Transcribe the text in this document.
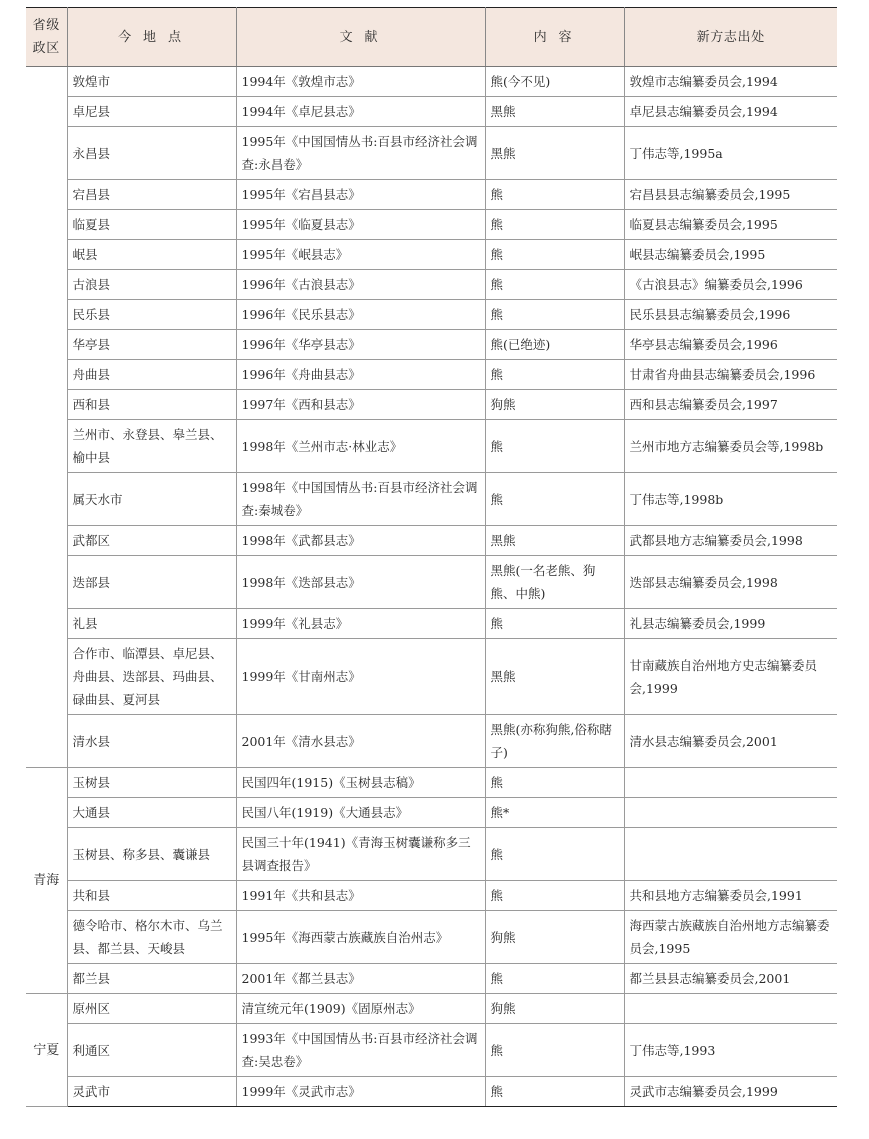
省级政区	今 地 点	文 献	内 容	新方志出处
	敦煌市	1994年《敦煌市志》	熊(今不见)	敦煌市志编纂委员会,1994
	卓尼县	1994年《卓尼县志》	黑熊	卓尼县志编纂委员会,1994
	永昌县	1995年《中国国情丛书:百县市经济社会调查:永昌卷》	黑熊	丁伟志等,1995a
	宕昌县	1995年《宕昌县志》	熊	宕昌县县志编纂委员会,1995
	临夏县	1995年《临夏县志》	熊	临夏县志编纂委员会,1995
	岷县	1995年《岷县志》	熊	岷县志编纂委员会,1995
	古浪县	1996年《古浪县志》	熊	《古浪县志》编纂委员会,1996
	民乐县	1996年《民乐县志》	熊	民乐县县志编纂委员会,1996
	华亭县	1996年《华亭县志》	熊(已绝迹)	华亭县志编纂委员会,1996
	舟曲县	1996年《舟曲县志》	熊	甘肃省舟曲县志编纂委员会,1996
	西和县	1997年《西和县志》	狗熊	西和县志编纂委员会,1997
	兰州市、永登县、皋兰县、榆中县	1998年《兰州市志·林业志》	熊	兰州市地方志编纂委员会等,1998b
	属天水市	1998年《中国国情丛书:百县市经济社会调查:秦城卷》	熊	丁伟志等,1998b
	武都区	1998年《武都县志》	黑熊	武都县地方志编纂委员会,1998
	迭部县	1998年《迭部县志》	黑熊(一名老熊、狗熊、中熊)	迭部县志编纂委员会,1998
	礼县	1999年《礼县志》	熊	礼县志编纂委员会,1999
	合作市、临潭县、卓尼县、舟曲县、迭部县、玛曲县、碌曲县、夏河县	1999年《甘南州志》	黑熊	甘南藏族自治州地方史志编纂委员会,1999
	清水县	2001年《清水县志》	黑熊(亦称狗熊,俗称瞎子)	清水县志编纂委员会,2001
青海	玉树县	民国四年(1915)《玉树县志稿》	熊	
	大通县	民国八年(1919)《大通县志》	熊*	
	玉树县、称多县、囊谦县	民国三十年(1941)《青海玉树囊谦称多三县调查报告》	熊	
	共和县	1991年《共和县志》	熊	共和县地方志编纂委员会,1991
	德令哈市、格尔木市、乌兰县、都兰县、天峻县	1995年《海西蒙古族藏族自治州志》	狗熊	海西蒙古族藏族自治州地方志编纂委员会,1995
	都兰县	2001年《都兰县志》	熊	都兰县县志编纂委员会,2001
宁夏	原州区	清宣统元年(1909)《固原州志》	狗熊	
	利通区	1993年《中国国情丛书:百县市经济社会调查:吴忠卷》	熊	丁伟志等,1993
	灵武市	1999年《灵武市志》	熊	灵武市志编纂委员会,1999
